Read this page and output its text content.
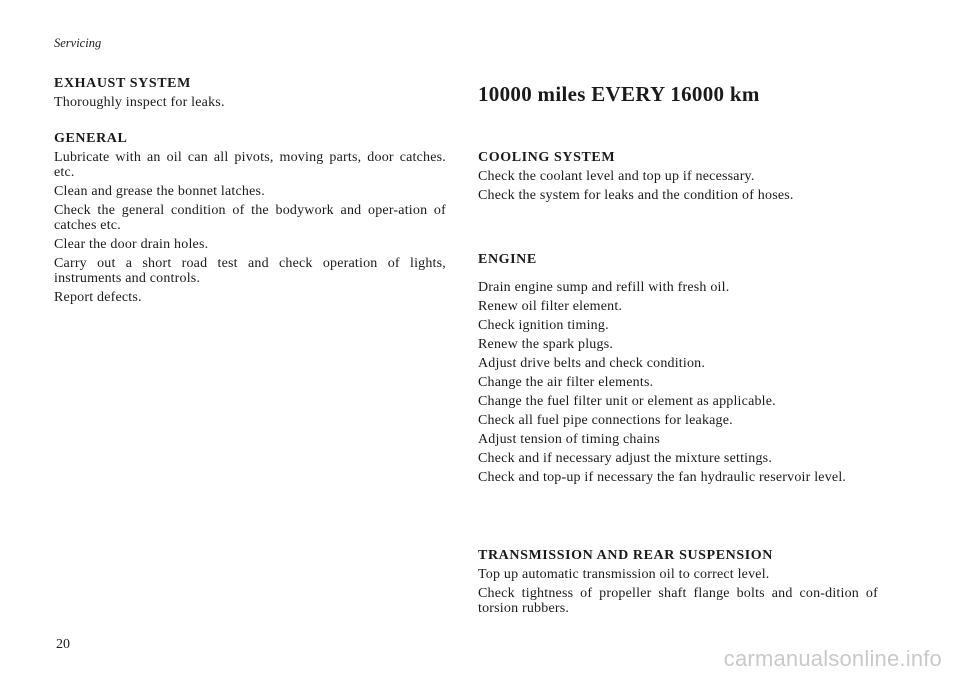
Servicing
EXHAUST SYSTEM

Thoroughly inspect for leaks.

GENERAL

Lubricate with an oil can all pivots, moving parts, door catches. etc.

Clean and grease the bonnet latches.

Check the general condition of the bodywork and oper-ation of catches etc.

Clear the door drain holes.

Carry out a short road test and check operation of lights, instruments and controls.

Report defects.

10000 miles EVERY 16000 km
COOLING SYSTEM

Check the coolant level and top up if necessary.

Check the system for leaks and the condition of hoses.

ENGINE

Drain engine sump and refill with fresh oil.

Renew oil filter element.

Check ignition timing.

Renew the spark plugs.

Adjust drive belts and check condition.

Change the air filter elements.

Change the fuel filter unit or element as applicable.

Check all fuel pipe connections for leakage.

Adjust tension of timing chains

Check and if necessary adjust the mixture settings.

Check and top-up if necessary the fan hydraulic reservoir level.

TRANSMISSION AND REAR SUSPENSION

Top up automatic transmission oil to correct level.

Check tightness of propeller shaft flange bolts and con-dition of torsion rubbers.

20
carmanualsonline.info
